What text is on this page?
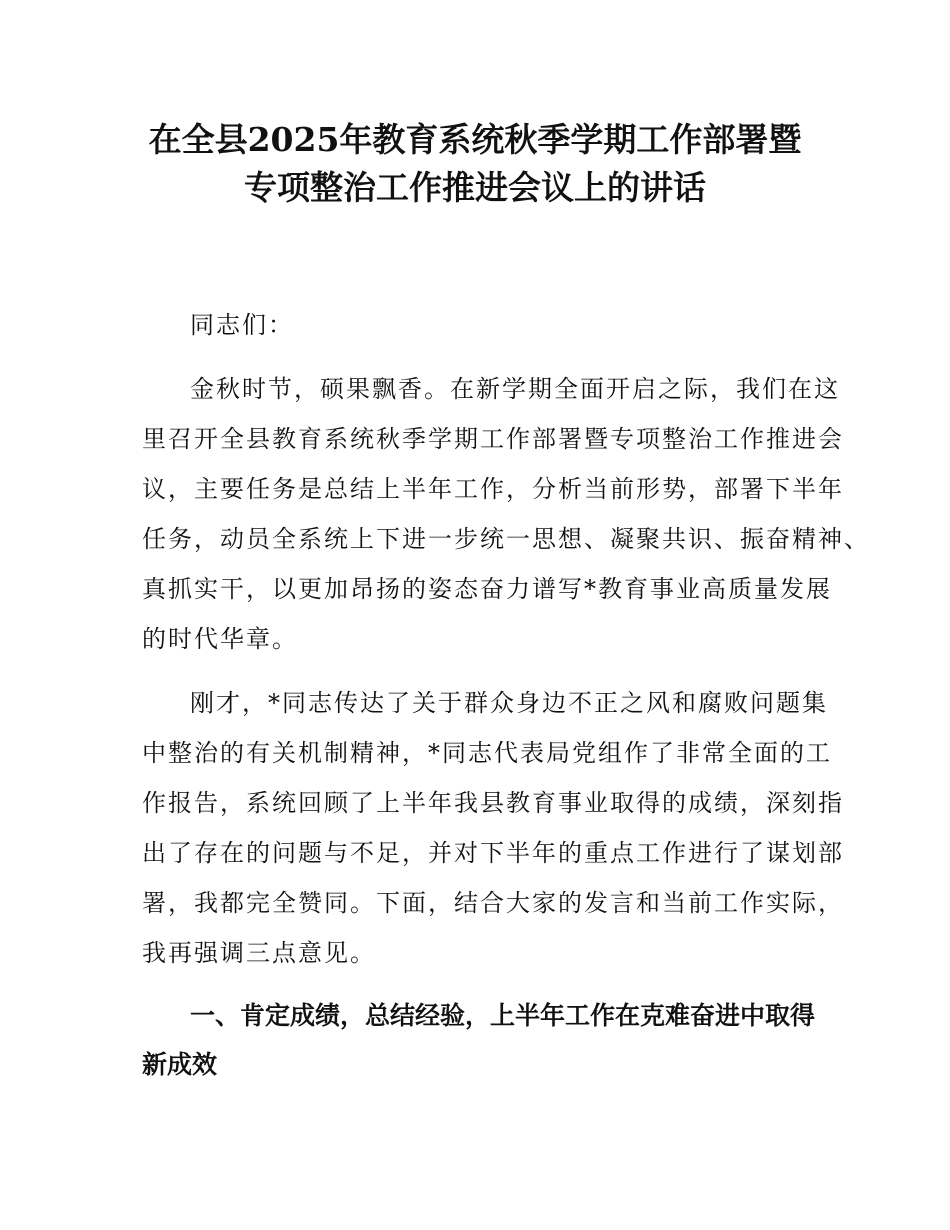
在全县2025年教育系统秋季学期工作部署暨
专项整治工作推进会议上的讲话
同志们：
金秋时节，硕果飘香。在新学期全面开启之际，我们在这
里召开全县教育系统秋季学期工作部署暨专项整治工作推进会
议，主要任务是总结上半年工作，分析当前形势，部署下半年
任务，动员全系统上下进一步统一思想、凝聚共识、振奋精神、
真抓实干，以更加昂扬的姿态奋力谱写*教育事业高质量发展
的时代华章。
刚才，*同志传达了关于群众身边不正之风和腐败问题集
中整治的有关机制精神，*同志代表局党组作了非常全面的工
作报告，系统回顾了上半年我县教育事业取得的成绩，深刻指
出了存在的问题与不足，并对下半年的重点工作进行了谋划部
署，我都完全赞同。下面，结合大家的发言和当前工作实际，
我再强调三点意见。
一、肯定成绩，总结经验，上半年工作在克难奋进中取得
新成效
